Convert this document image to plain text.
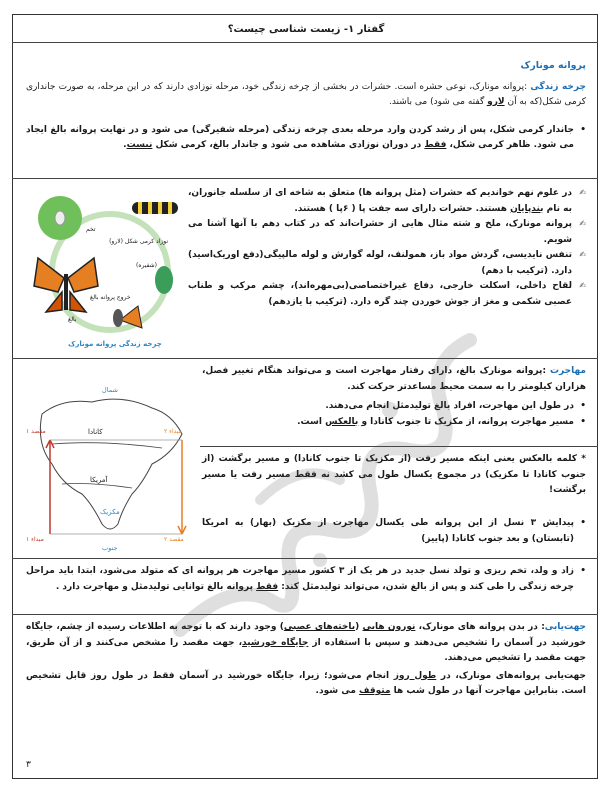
گفتار ۱- زیست شناسی چیست؟

پروانه مونارک

چرخه زندگی :پروانه مونارک، نوعی حشره است. حشرات در بخشی از چرخه زندگی خود، مرحله نوزادی دارند که در این مرحله، به صورت جانداری کرمی شکل(که به آن لارو گفته می شود) می باشند.

• جاندار کرمی شکل، پس از رشد کردن وارد مرحله بعدی چرخه زندگی (مرحله شفیرگی) می شود و در نهایت پروانه بالغ ایجاد می شود. ظاهر کرمی شکل، فقط در دوران نوزادی مشاهده می شود و جاندار بالغ، کرمی شکل نیست.

✍ در علوم نهم خواندیم که حشرات (مثل پروانه ها) متعلق به شاخه ای از سلسله جانوران، به نام بندپایان هستند. حشرات دارای سه جفت پا ( ۶پا ) هستند.

✍ پروانه مونارک، ملخ و شته مثال هایی از حشرات‌اند که در کتاب دهم با آنها آشنا می شویم.

✍ تنفس نایدیسی، گردش مواد باز، همولنف، لوله گوارش و لوله مالپیگی(دفع اوریک‌اسید) دارد. (ترکیب با دهم)

✍ لقاح داخلی، اسکلت خارجی، دفاع غیراختصاصی(بی‌مهره‌اند)، چشم مرکب و طناب عصبی شکمی و مغز از جوش خوردن چند گره دارد. (ترکیب با یازدهم)

تخم
نوزاد کرمی شکل (لارو)
(شفیره)
خروج پروانه بالغ
بالغ
چرخه زندگی پروانه مونارک

مهاجرت :پروانه مونارک بالغ، دارای رفتار مهاجرت است و می‌تواند هنگام تغییر فصل، هزاران کیلومتر را به سمت محیط مساعدتر حرکت کند.

• در طول این مهاجرت، افراد بالغ تولیدمثل انجام می‌دهند.

• مسیر مهاجرت پروانه، از مکزیک تا جنوب کانادا و بالعکس است.

* کلمه بالعکس یعنی اینکه مسیر رفت (از مکزیک تا جنوب کانادا) و مسیر برگشت (از جنوب کانادا تا مکزیک) در مجموع یکسال طول می کشد نه فقط مسیر رفت یا مسیر برگشت!

• پیدایش ۳ نسل از این پروانه طی یکسال مهاجرت از مکزیک (بهار) به امریکا (تابستان) و بعد جنوب کانادا (پاییز)

شمال
جنوب
کانادا
آمریکا
مکزیک
مقصد ۱
مبداء ۱
مبداء ۲
مقصد ۲

• زاد و ولد، تخم ریزی و تولد نسل جدید در هر یک از ۳ کشور مسیر مهاجرت هر پروانه ای که متولد می‌شود، ابتدا باید مراحل چرخه زندگی را طی کند و پس از بالغ شدن، می‌تواند تولیدمثل کند: فقط پروانه بالغ توانایی تولیدمثل و مهاجرت دارد .

جهت‌یابی: در بدن پروانه های مونارک، نورون هایی (یاخته‌های عصبی) وجود دارند که با توجه به اطلاعات رسیده از چشم، جایگاه خورشید در آسمان را تشخیص می‌دهند و سپس با استفاده از جایگاه خورشید، جهت مقصد را مشخص می‌کنند و از آن طریق، جهت مقصد را تشخیص می‌دهند.

جهت‌یابی پروانه‌های مونارک، در طول روز انجام می‌شود؛ زیرا، جایگاه خورشید در آسمان فقط در طول روز قابل تشخیص است. بنابراین مهاجرت آنها در طول شب ها متوقف می شود.

۳
